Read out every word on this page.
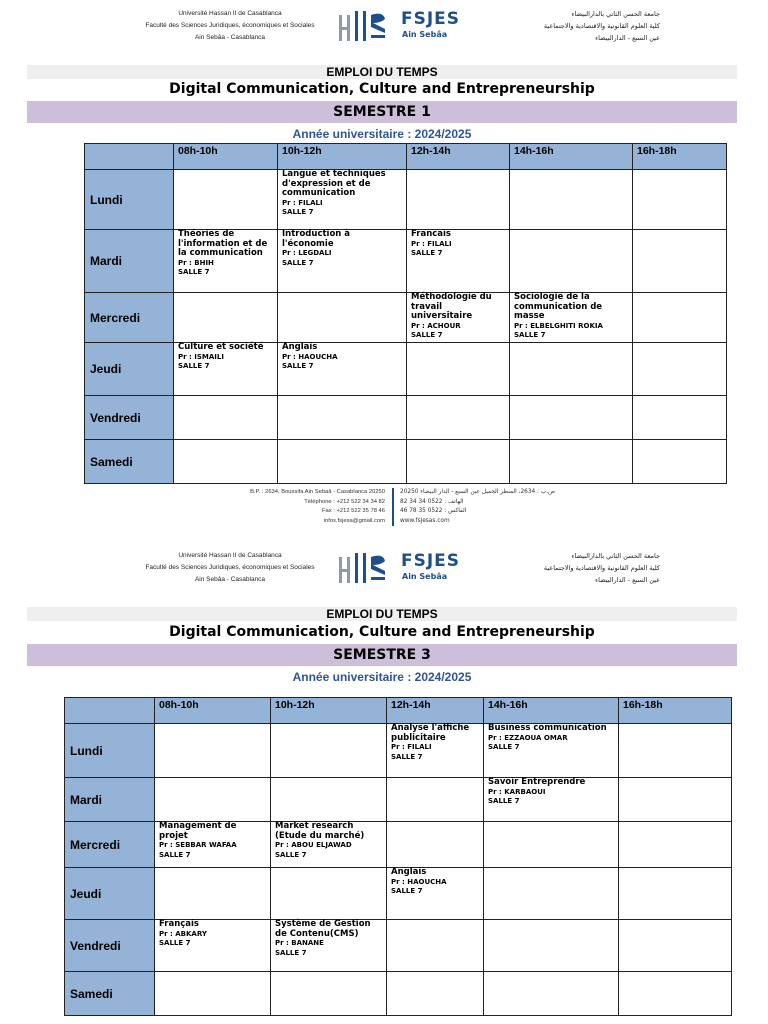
Université Hassan II de Casablanca
Faculté des Sciences Juridiques, économiques et Sociales
Ain Sebâa - Casablanca
FSJES
Ain Sebâa
جامعة الحسن الثاني بالدارالبيضاء
كلية العلوم القانونية والاقتصادية والاجتماعية
عين السبع - الدارالبيضاء
EMPLOI DU TEMPS
Digital Communication, Culture and Entrepreneurship
SEMESTRE 1
Année universitaire : 2024/2025
	08h-10h	10h-12h	12h-14h	14h-16h	16h-18h
Lundi		Langue et techniques d'expression et de communication
Pr : FILALI
SALLE 7			

Mardi	Théories de l'information et de la communication
Pr : BHIH
SALLE 7	Introduction à l'économie
Pr : LEGDALI
SALLE 7	Francais
Pr : FILALI
SALLE 7		

Mercredi			Méthodologie du travail universitaire
Pr : ACHOUR
SALLE 7	Sociologie de la communication de masse
Pr : ELBELGHITI ROKIA
SALLE 7	

Jeudi	Culture et société
Pr : ISMAILI
SALLE 7	Anglais
Pr : HAOUCHA
SALLE 7			

Vendredi					
Samedi					
B.P. : 2634, Boussifa Ain Sebaâ - Casablanca 20250
Téléphone : +212 522 34 34 82
Fax : +212 522 35 78 46
infos.fsjesa@gmail.com
ص.ب : 2634، المنظر الجميل عين السبع - الدار البيضاء 20250
الهاتف : 0522 34 34 82
الفاكس : 0522 35 78 46
www.fsjesas.com
Université Hassan II de Casablanca
Faculté des Sciences Juridiques, économiques et Sociales
Ain Sebâa - Casablanca
FSJES
Ain Sebâa
جامعة الحسن الثاني بالدارالبيضاء
كلية العلوم القانونية والاقتصادية والاجتماعية
عين السبع - الدارالبيضاء
EMPLOI DU TEMPS
Digital Communication, Culture and Entrepreneurship
SEMESTRE 3
Année universitaire : 2024/2025
	08h-10h	10h-12h	12h-14h	14h-16h	16h-18h
Lundi			Analyse l'affiche publicitaire
Pr : FILALI
SALLE 7	Business communication
Pr : EZZAOUA OMAR
SALLE 7	

Mardi				Savoir Entreprendre
Pr : KARBAOUI
SALLE 7	

Mercredi	Management de projet
Pr : SEBBAR WAFAA
SALLE 7	Market research (Etude du marché)
Pr : ABOU ELJAWAD
SALLE 7			

Jeudi			Anglais
Pr : HAOUCHA
SALLE 7		

Vendredi	Français
Pr : ABKARY
SALLE 7	Système de Gestion de Contenu(CMS)
Pr : BANANE
SALLE 7			

Samedi					
